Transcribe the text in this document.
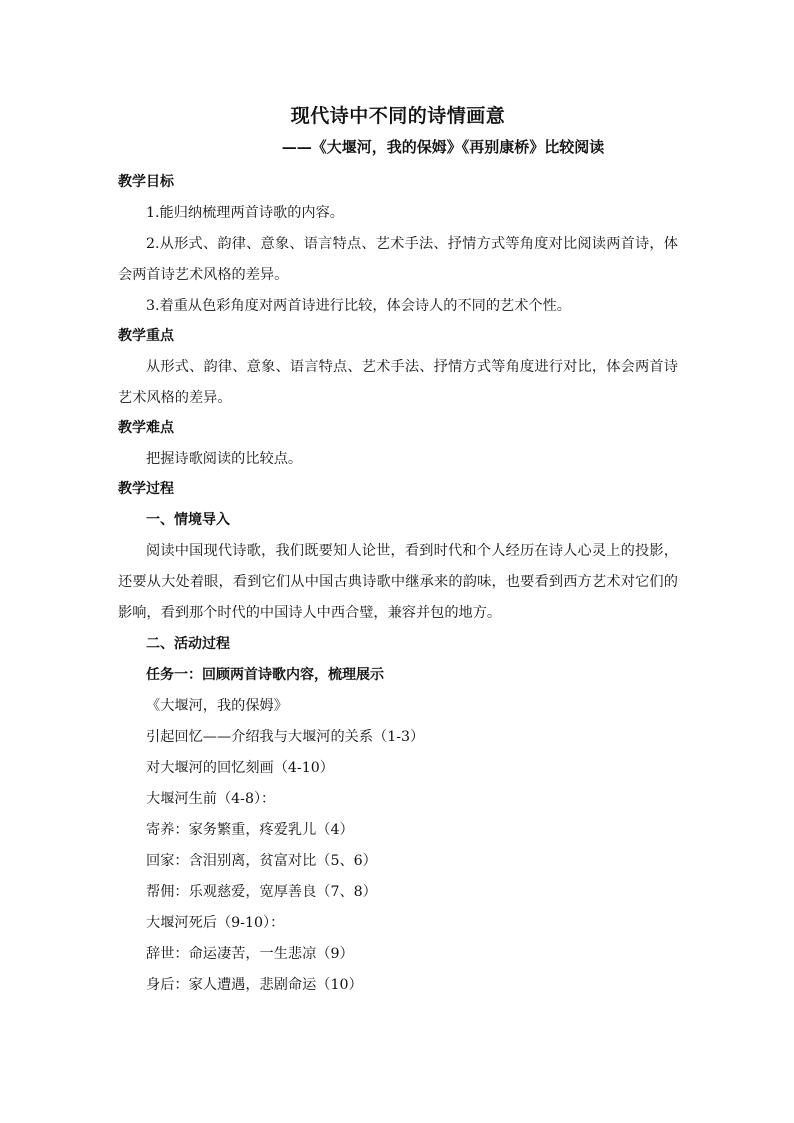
现代诗中不同的诗情画意
——《大堰河，我的保姆》《再别康桥》比较阅读
教学目标

1.能归纳梳理两首诗歌的内容。

2.从形式、韵律、意象、语言特点、艺术手法、抒情方式等角度对比阅读两首诗，体会两首诗艺术风格的差异。

3.着重从色彩角度对两首诗进行比较，体会诗人的不同的艺术个性。

教学重点

从形式、韵律、意象、语言特点、艺术手法、抒情方式等角度进行对比，体会两首诗艺术风格的差异。

教学难点

把握诗歌阅读的比较点。

教学过程
一、情境导入

阅读中国现代诗歌，我们既要知人论世，看到时代和个人经历在诗人心灵上的投影，还要从大处着眼，看到它们从中国古典诗歌中继承来的韵味，也要看到西方艺术对它们的影响，看到那个时代的中国诗人中西合璧，兼容并包的地方。

二、活动过程
任务一：回顾两首诗歌内容，梳理展示
《大堰河，我的保姆》
引起回忆——介绍我与大堰河的关系（1-3）
对大堰河的回忆刻画（4-10）
大堰河生前（4-8）：
寄养：家务繁重，疼爱乳儿（4）
回家：含泪别离，贫富对比（5、6）
帮佣：乐观慈爱，宽厚善良（7、8）
大堰河死后（9-10）：
辞世：命运凄苦，一生悲凉（9）
身后：家人遭遇，悲剧命运（10）
